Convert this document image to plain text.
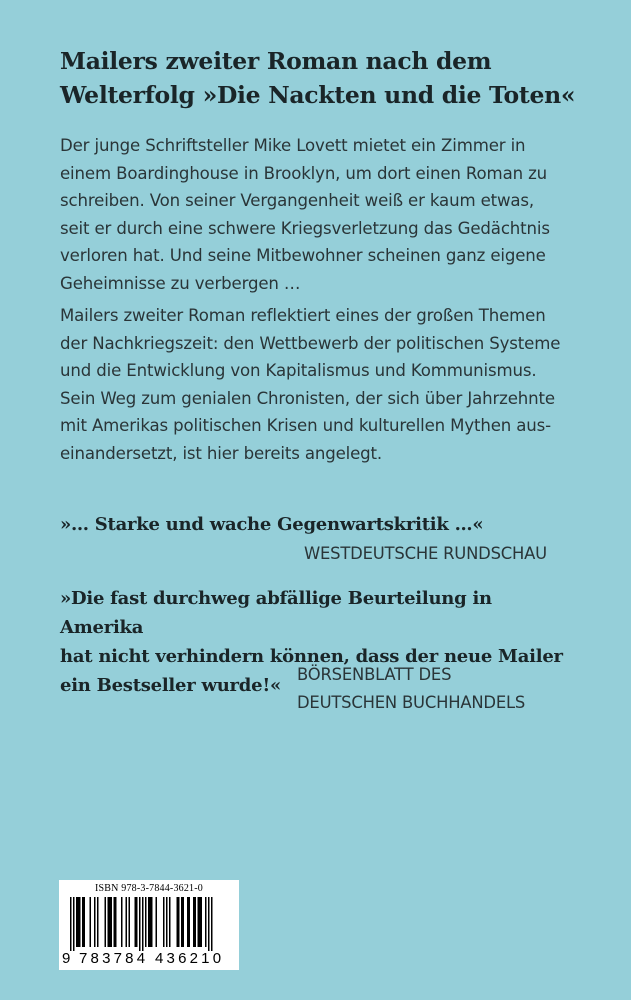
Mailers zweiter Roman nach dem
Welterfolg »Die Nackten und die Toten«

Der junge Schriftsteller Mike Lovett mietet ein Zimmer in
einem Boardinghouse in Brooklyn, um dort einen Roman zu
schreiben. Von seiner Vergangenheit weiß er kaum etwas,
seit er durch eine schwere Kriegsverletzung das Gedächtnis
verloren hat. Und seine Mitbewohner scheinen ganz eigene
Geheimnisse zu verbergen …

Mailers zweiter Roman reflektiert eines der großen Themen
der Nachkriegszeit: den Wettbewerb der politischen Systeme
und die Entwicklung von Kapitalismus und Kommunismus.
Sein Weg zum genialen Chronisten, der sich über Jahrzehnte
mit Amerikas politischen Krisen und kulturellen Mythen aus-
einandersetzt, ist hier bereits angelegt.

»… Starke und wache Gegenwartskritik …«

WESTDEUTSCHE RUNDSCHAU

»Die fast durchweg abfällige Beurteilung in Amerika
hat nicht verhindern können, dass der neue Mailer
ein Bestseller wurde!«

BÖRSENBLATT DES
DEUTSCHEN BUCHHANDELS

ISBN 978-3-7844-3621-0
9 783784 436210
